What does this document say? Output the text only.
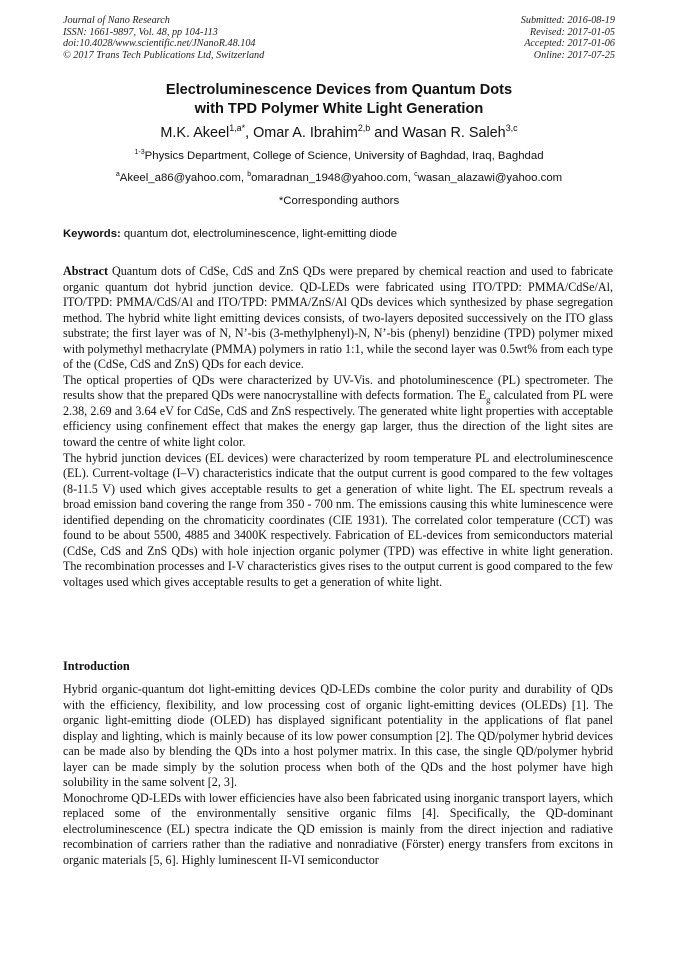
Journal of Nano Research
ISSN: 1661-9897, Vol. 48, pp 104-113
doi:10.4028/www.scientific.net/JNanoR.48.104
© 2017 Trans Tech Publications Ltd, Switzerland
Submitted: 2016-08-19
Revised: 2017-01-05
Accepted: 2017-01-06
Online: 2017-07-25
Electroluminescence Devices from Quantum Dots
with TPD Polymer White Light Generation
M.K. Akeel$^{1,a*}$, Omar A. Ibrahim$^{2,b}$ and Wasan R. Saleh$^{3,c}$
$^{1-3}$Physics Department, College of Science, University of Baghdad, Iraq, Baghdad
$^a$Akeel_a86@yahoo.com, $^b$omaradnan_1948@yahoo.com, $^c$wasan_alazawi@yahoo.com
*Corresponding authors
Keywords: quantum dot, electroluminescence, light-emitting diode

Abstract Quantum dots of CdSe, CdS and ZnS QDs were prepared by chemical reaction and used to fabricate organic quantum dot hybrid junction device. QD-LEDs were fabricated using ITO/TPD: PMMA/CdSe/Al, ITO/TPD: PMMA/CdS/Al and ITO/TPD: PMMA/ZnS/Al QDs devices which synthesized by phase segregation method. The hybrid white light emitting devices consists, of two-layers deposited successively on the ITO glass substrate; the first layer was of N, N’-bis (3-methylphenyl)-N, N’-bis (phenyl) benzidine (TPD) polymer mixed with polymethyl methacrylate (PMMA) polymers in ratio 1:1, while the second layer was 0.5wt% from each type of the (CdSe, CdS and ZnS) QDs for each device.

The optical properties of QDs were characterized by UV-Vis. and photoluminescence (PL) spectrometer. The results show that the prepared QDs were nanocrystalline with defects formation. The $E_g$ calculated from PL were 2.38, 2.69 and 3.64 eV for CdSe, CdS and ZnS respectively. The generated white light properties with acceptable efficiency using confinement effect that makes the energy gap larger, thus the direction of the light sites are toward the centre of white light color.

The hybrid junction devices (EL devices) were characterized by room temperature PL and electroluminescence (EL). Current-voltage (I–V) characteristics indicate that the output current is good compared to the few voltages (8-11.5 V) used which gives acceptable results to get a generation of white light. The EL spectrum reveals a broad emission band covering the range from 350 - 700 nm. The emissions causing this white luminescence were identified depending on the chromaticity coordinates (CIE 1931). The correlated color temperature (CCT) was found to be about 5500, 4885 and 3400K respectively. Fabrication of EL-devices from semiconductors material (CdSe, CdS and ZnS QDs) with hole injection organic polymer (TPD) was effective in white light generation. The recombination processes and I-V characteristics gives rises to the output current is good compared to the few voltages used which gives acceptable results to get a generation of white light.

Introduction

Hybrid organic-quantum dot light-emitting devices QD-LEDs combine the color purity and durability of QDs with the efficiency, flexibility, and low processing cost of organic light-emitting devices (OLEDs) [1]. The organic light-emitting diode (OLED) has displayed significant potentiality in the applications of flat panel display and lighting, which is mainly because of its low power consumption [2]. The QD/polymer hybrid devices can be made also by blending the QDs into a host polymer matrix. In this case, the single QD/polymer hybrid layer can be made simply by the solution process when both of the QDs and the host polymer have high solubility in the same solvent [2, 3].

Monochrome QD-LEDs with lower efficiencies have also been fabricated using inorganic transport layers, which replaced some of the environmentally sensitive organic films [4]. Specifically, the QD-dominant electroluminescence (EL) spectra indicate the QD emission is mainly from the direct injection and radiative recombination of carriers rather than the radiative and nonradiative (Förster) energy transfers from excitons in organic materials [5, 6]. Highly luminescent II-VI semiconductor
